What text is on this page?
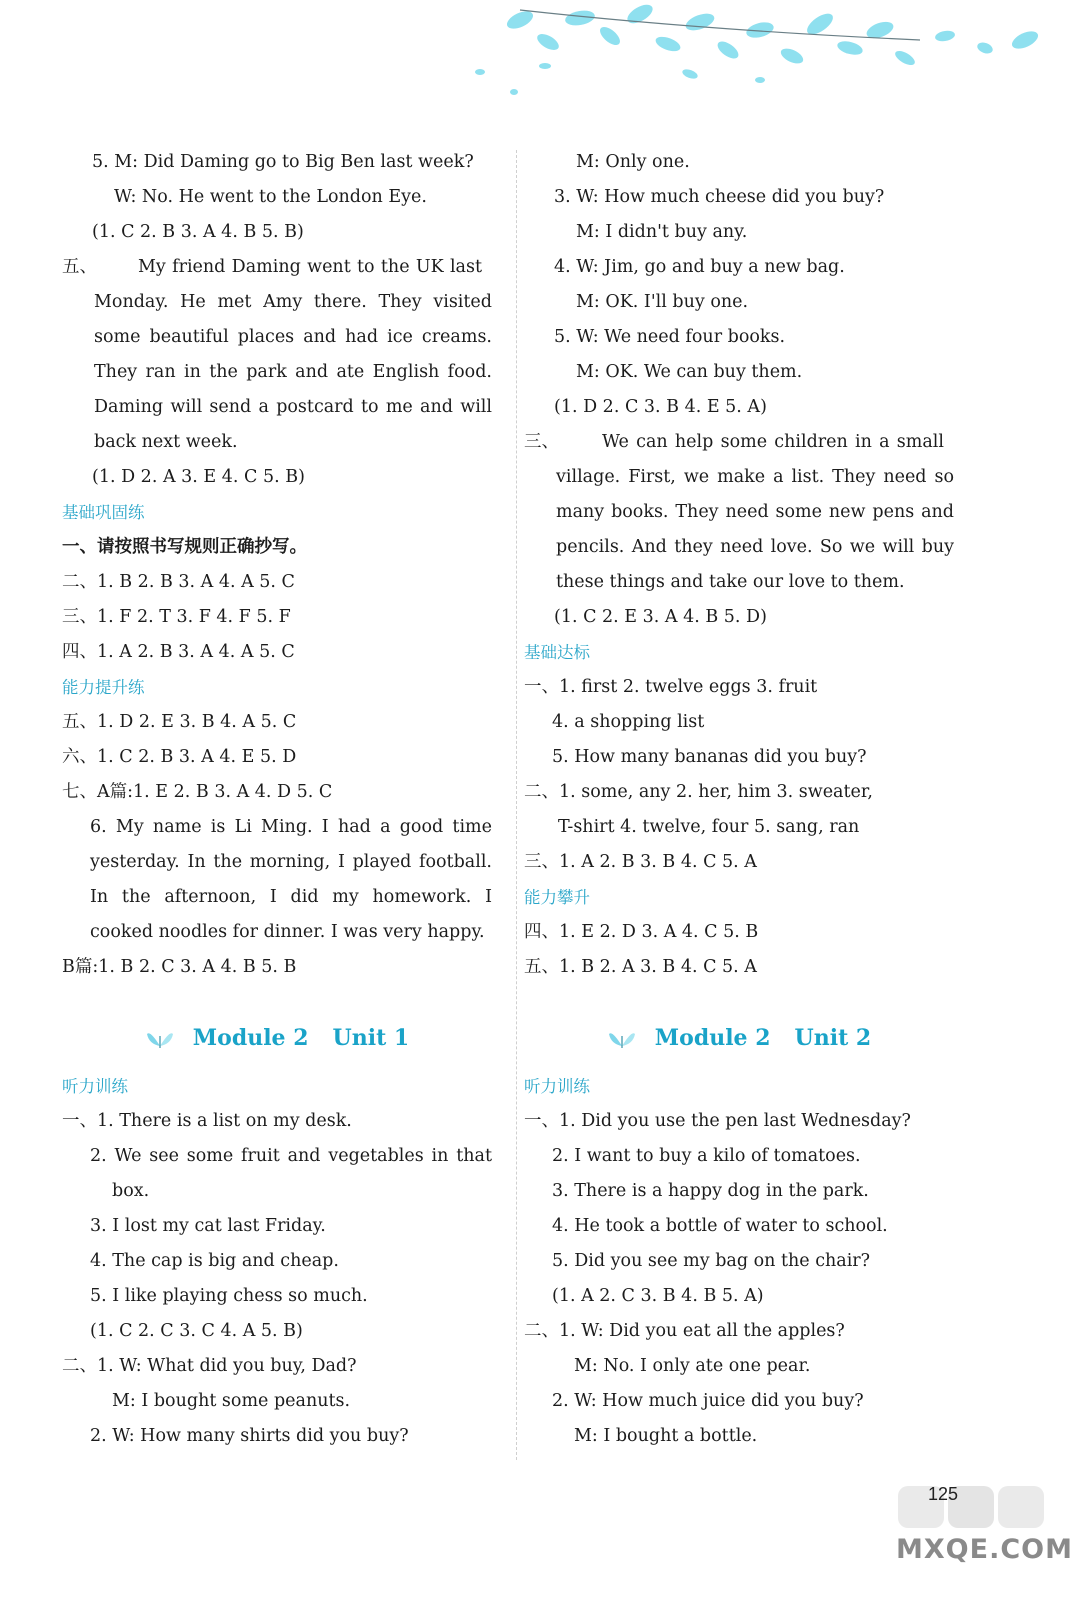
5. M: Did Daming go to Big Ben last week?
W: No. He went to the London Eye.
(1. C 2. B 3. A 4. B 5. B)
五、 My friend Daming went to the UK last
Monday. He met Amy there. They visited
some beautiful places and had ice creams.
They ran in the park and ate English food.
Daming will send a postcard to me and will
back next week.
(1. D 2. A 3. E 4. C 5. B)
基础巩固练
一、请按照书写规则正确抄写。
二、1. B 2. B 3. A 4. A 5. C
三、1. F 2. T 3. F 4. F 5. F
四、1. A 2. B 3. A 4. A 5. C
能力提升练
五、1. D 2. E 3. B 4. A 5. C
六、1. C 2. B 3. A 4. E 5. D
七、A篇:1. E 2. B 3. A 4. D 5. C
6. My name is Li Ming. I had a good time
yesterday. In the morning, I played football.
In the afternoon, I did my homework. I
cooked noodles for dinner. I was very happy.
B篇:1. B 2. C 3. A 4. B 5. B
Module 2 Unit 1
听力训练
一、1. There is a list on my desk.
2. We see some fruit and vegetables in that
box.
3. I lost my cat last Friday.
4. The cap is big and cheap.
5. I like playing chess so much.
(1. C 2. C 3. C 4. A 5. B)
二、1. W: What did you buy, Dad?
M: I bought some peanuts.
2. W: How many shirts did you buy?
M: Only one.
3. W: How much cheese did you buy?
M: I didn't buy any.
4. W: Jim, go and buy a new bag.
M: OK. I'll buy one.
5. W: We need four books.
M: OK. We can buy them.
(1. D 2. C 3. B 4. E 5. A)
三、 We can help some children in a small
village. First, we make a list. They need so
many books. They need some new pens and
pencils. And they need love. So we will buy
these things and take our love to them.
(1. C 2. E 3. A 4. B 5. D)
基础达标
一、1. first 2. twelve eggs 3. fruit
4. a shopping list
5. How many bananas did you buy?
二、1. some, any 2. her, him 3. sweater,
T-shirt 4. twelve, four 5. sang, ran
三、1. A 2. B 3. B 4. C 5. A
能力攀升
四、1. E 2. D 3. A 4. C 5. B
五、1. B 2. A 3. B 4. C 5. A
Module 2 Unit 2
听力训练
一、1. Did you use the pen last Wednesday?
2. I want to buy a kilo of tomatoes.
3. There is a happy dog in the park.
4. He took a bottle of water to school.
5. Did you see my bag on the chair?
(1. A 2. C 3. B 4. B 5. A)
二、1. W: Did you eat all the apples?
M: No. I only ate one pear.
2. W: How much juice did you buy?
M: I bought a bottle.
125
MXQE.COM
